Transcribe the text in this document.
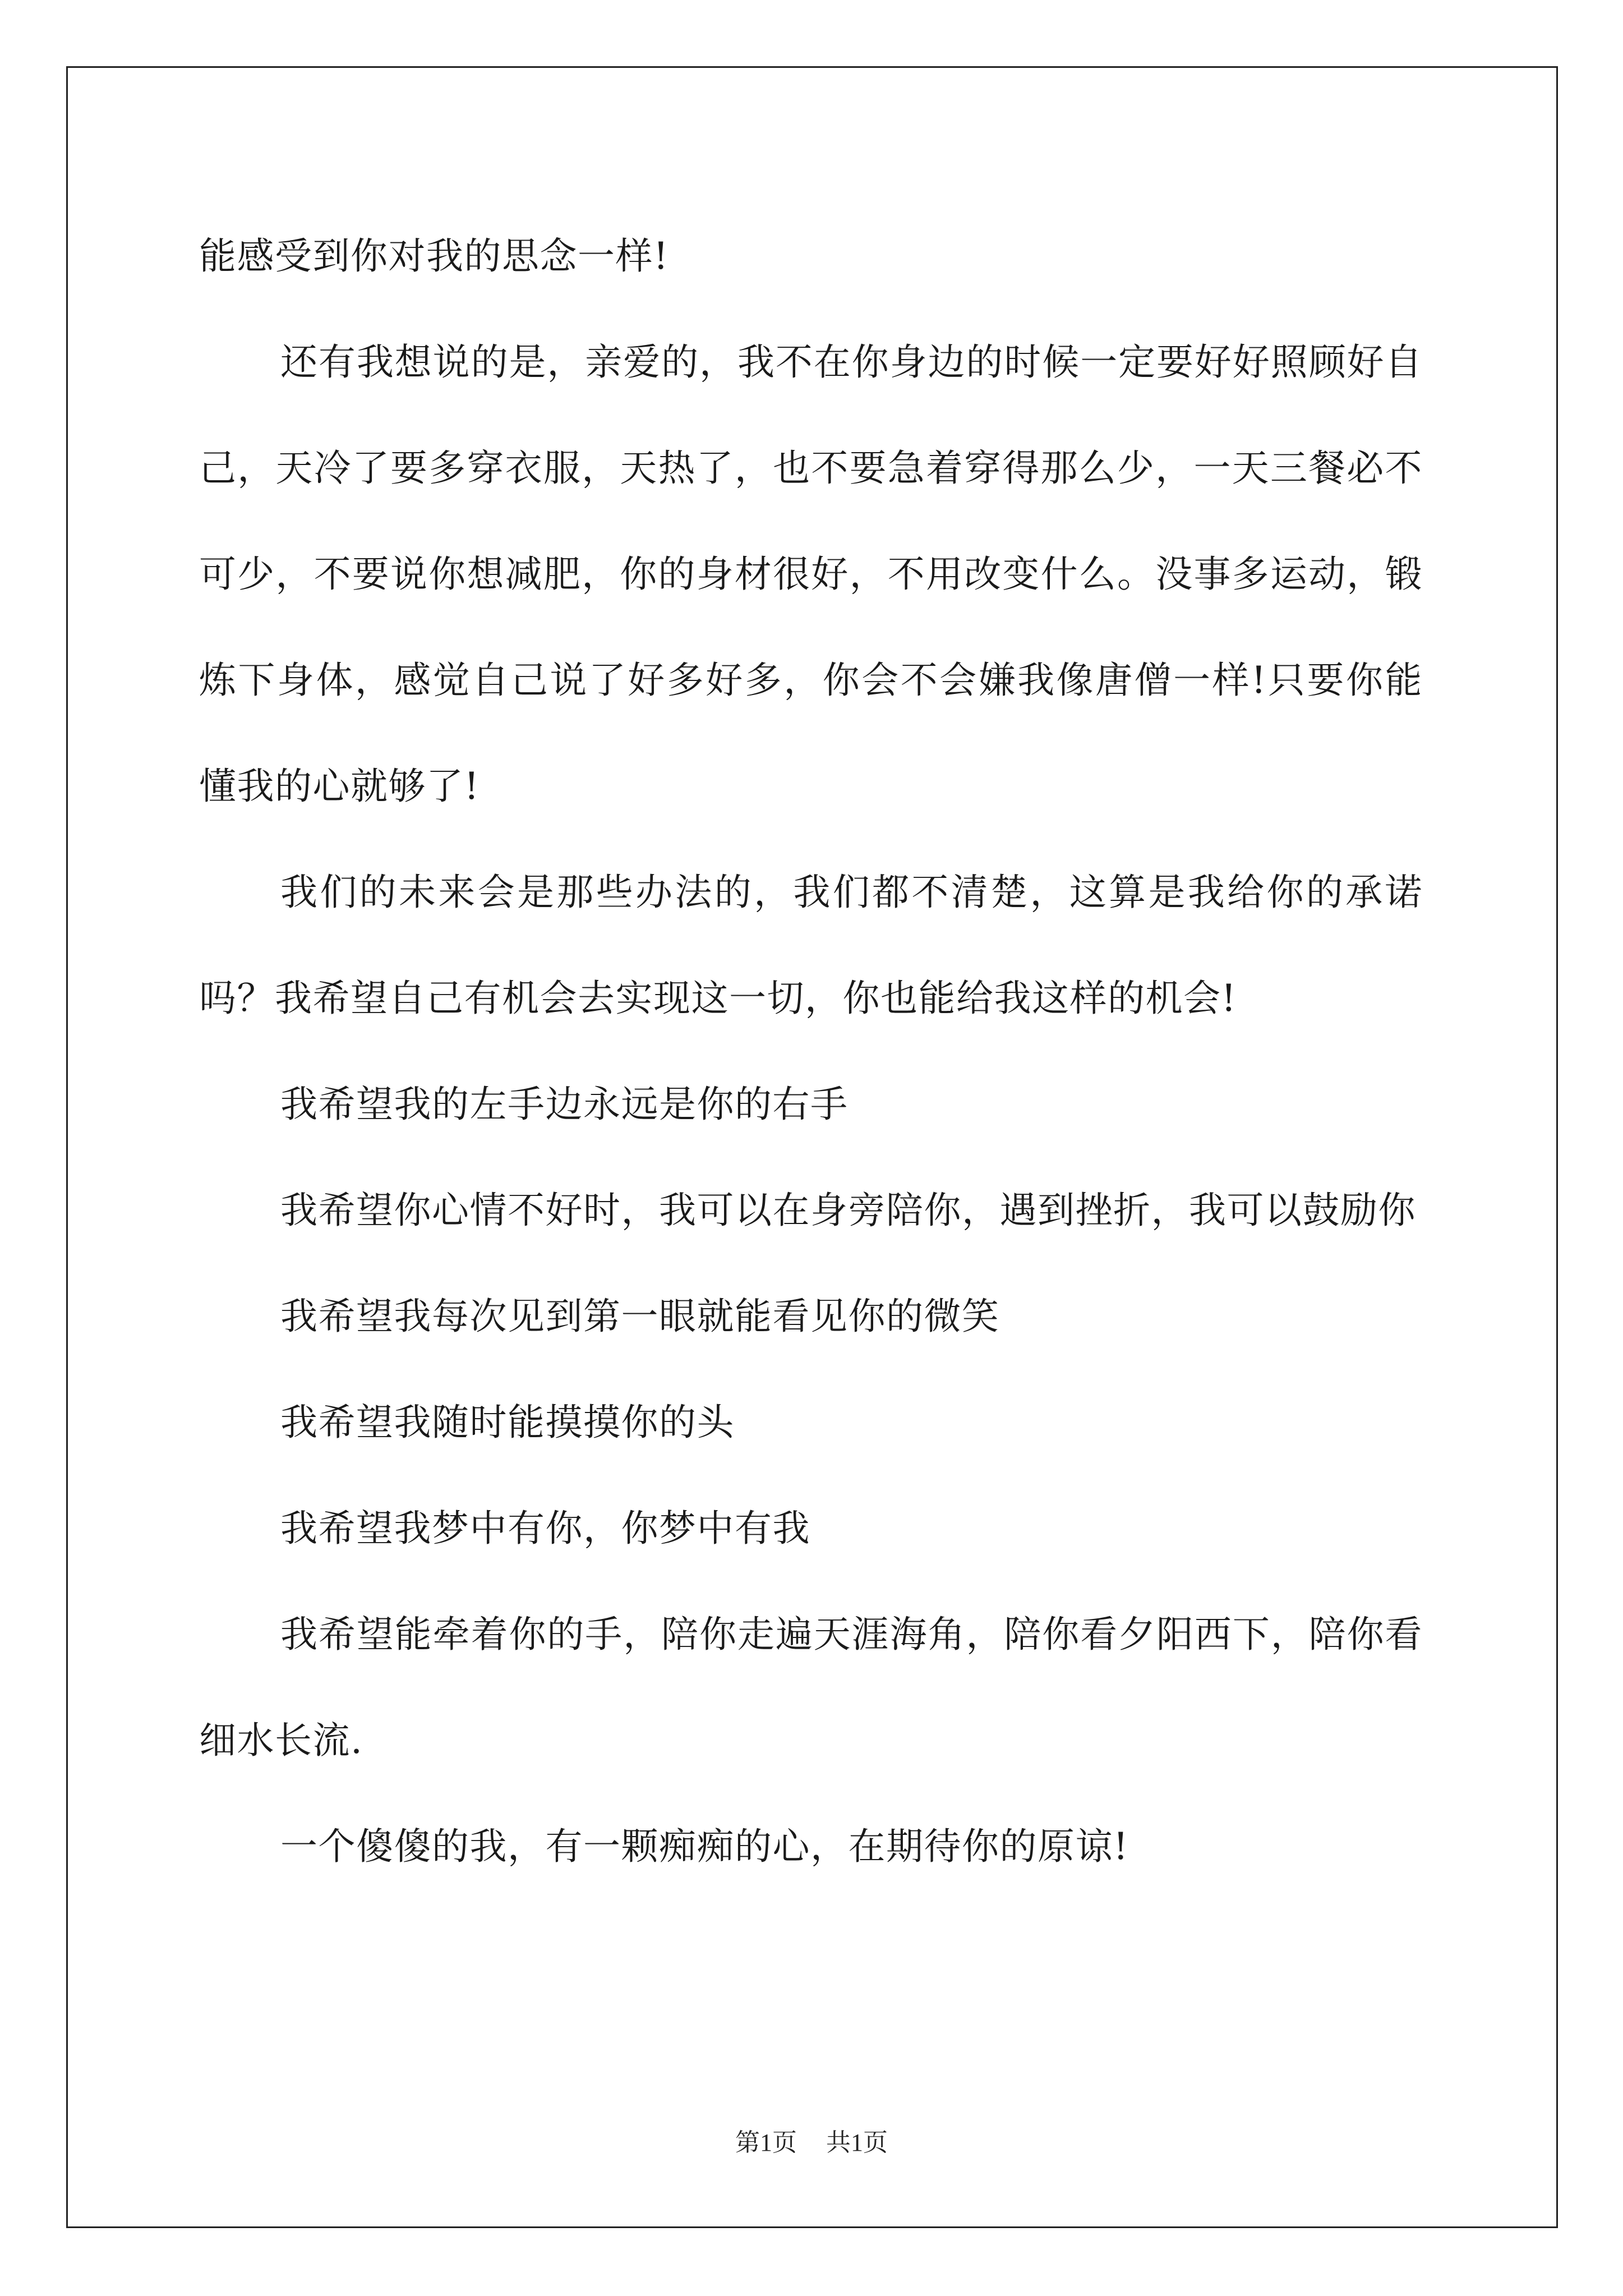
能感受到你对我的思念一样!

还有我想说的是，亲爱的，我不在你身边的时候一定要好好照顾好自己，天冷了要多穿衣服，天热了，也不要急着穿得那么少，一天三餐必不可少，不要说你想减肥，你的身材很好，不用改变什么。没事多运动，锻炼下身体，感觉自己说了好多好多，你会不会嫌我像唐僧一样!只要你能懂我的心就够了!

我们的未来会是那些办法的，我们都不清楚，这算是我给你的承诺吗？我希望自己有机会去实现这一切，你也能给我这样的机会!

我希望我的左手边永远是你的右手

我希望你心情不好时，我可以在身旁陪你，遇到挫折，我可以鼓励你

我希望我每次见到第一眼就能看见你的微笑

我希望我随时能摸摸你的头

我希望我梦中有你，你梦中有我

我希望能牵着你的手，陪你走遍天涯海角，陪你看夕阳西下，陪你看细水长流.

一个傻傻的我，有一颗痴痴的心，在期待你的原谅!

第1页 共1页
